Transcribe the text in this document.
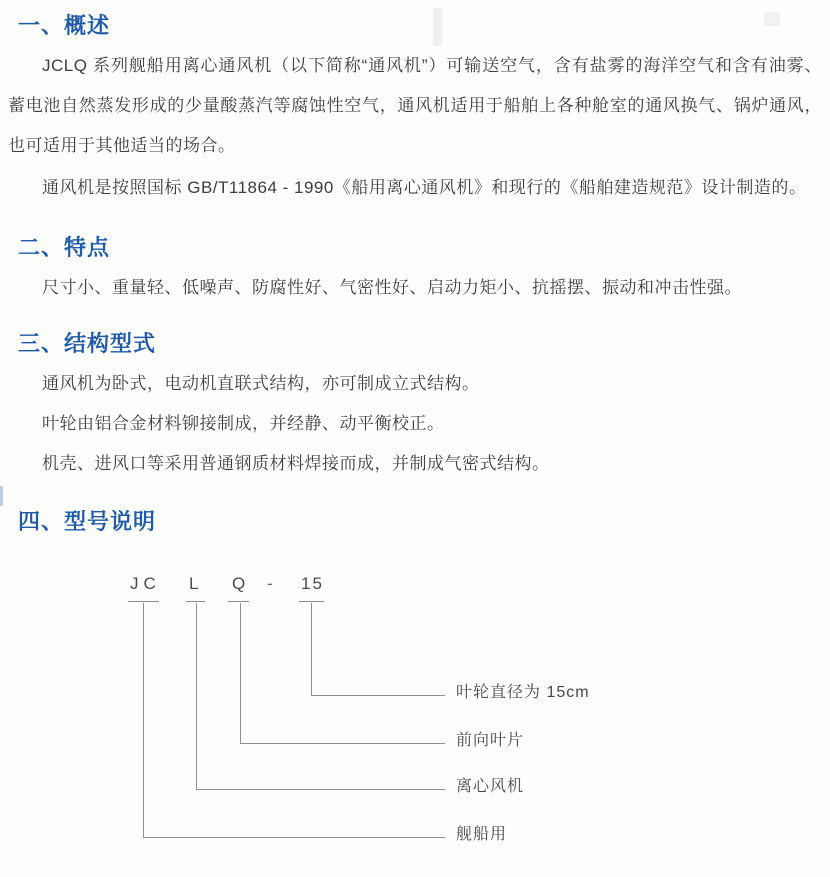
一、概述

JCLQ 系列舰船用离心通风机（以下简称“通风机”）可输送空气，含有盐雾的海洋空气和含有油雾、蓄电池自然蒸发形成的少量酸蒸汽等腐蚀性空气，通风机适用于船舶上各种舱室的通风换气、锅炉通风，也可适用于其他适当的场合。

通风机是按照国标 GB/T11864 - 1990《船用离心通风机》和现行的《船舶建造规范》设计制造的。

二、特点

尺寸小、重量轻、低噪声、防腐性好、气密性好、启动力矩小、抗摇摆、振动和冲击性强。

三、结构型式

通风机为卧式，电动机直联式结构，亦可制成立式结构。

叶轮由铝合金材料铆接制成，并经静、动平衡校正。

机壳、进风口等采用普通钢质材料焊接而成，并制成气密式结构。

四、型号说明
JC L Q - 15
叶轮直径为 15cm
前向叶片
离心风机
舰船用
